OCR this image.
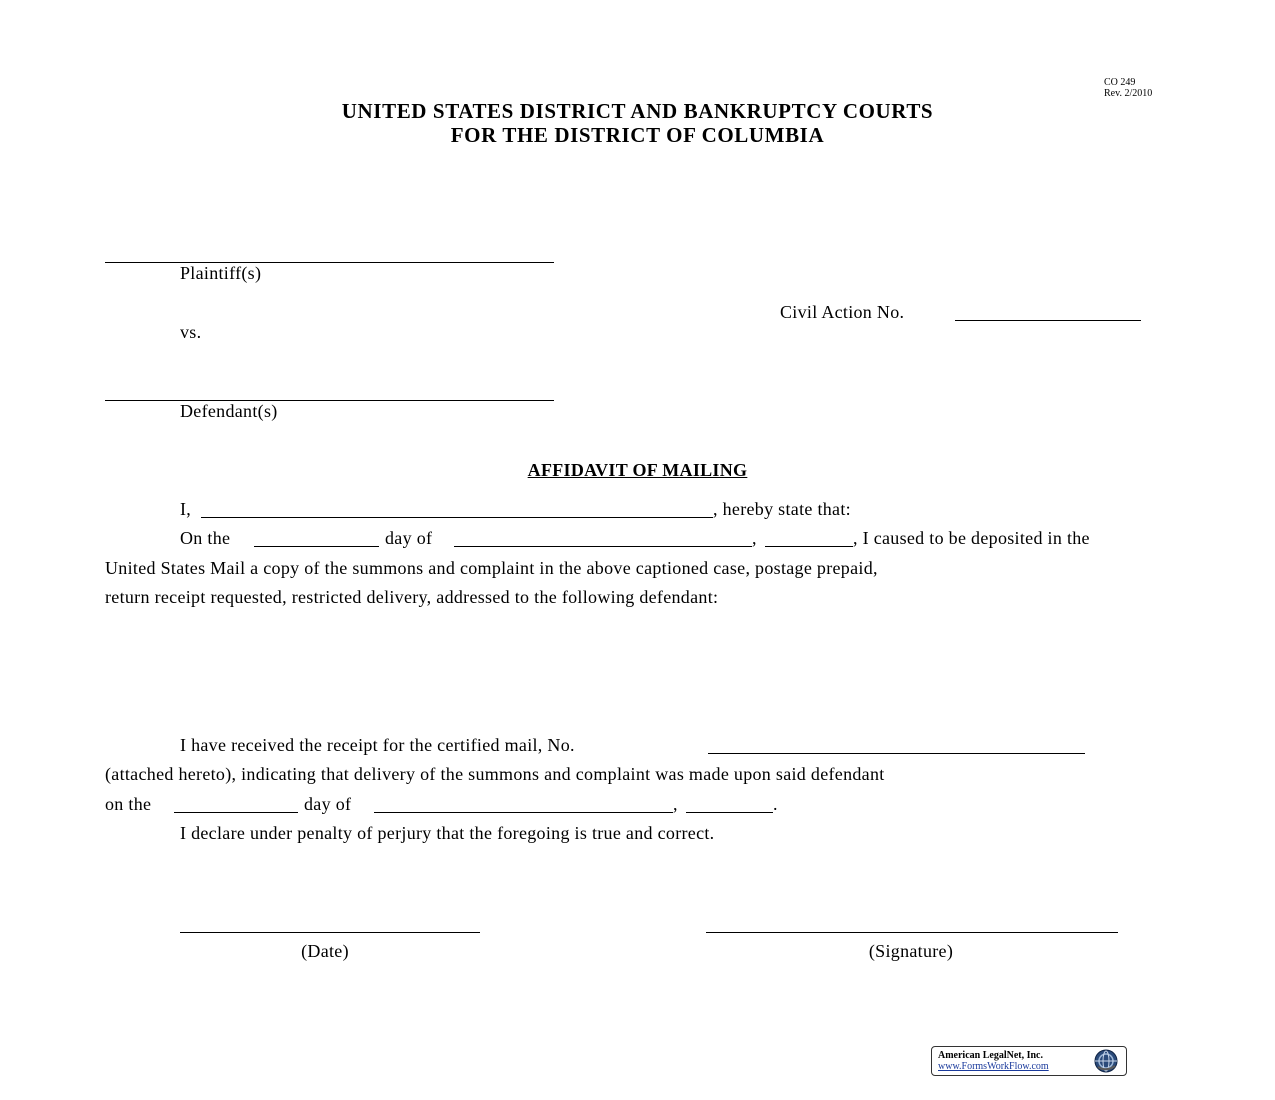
CO 249
Rev. 2/2010
UNITED STATES DISTRICT AND BANKRUPTCY COURTS
FOR THE DISTRICT OF COLUMBIA
Plaintiff(s)
Civil Action No.
vs.
Defendant(s)
AFFIDAVIT OF MAILING
I,	, hereby state that:
On the	day of	,	, I caused to be deposited in the
United States Mail a copy of the summons and complaint in the above captioned case, postage prepaid,
return receipt requested, restricted delivery, addressed to the following defendant:
I have received the receipt for the certified mail, No.
(attached hereto), indicating that delivery of the summons and complaint was made upon said defendant
on the	day of	,	.
I declare under penalty of perjury that the foregoing is true and correct.
(Date)	(Signature)
American LegalNet, Inc.
www.FormsWorkFlow.com
